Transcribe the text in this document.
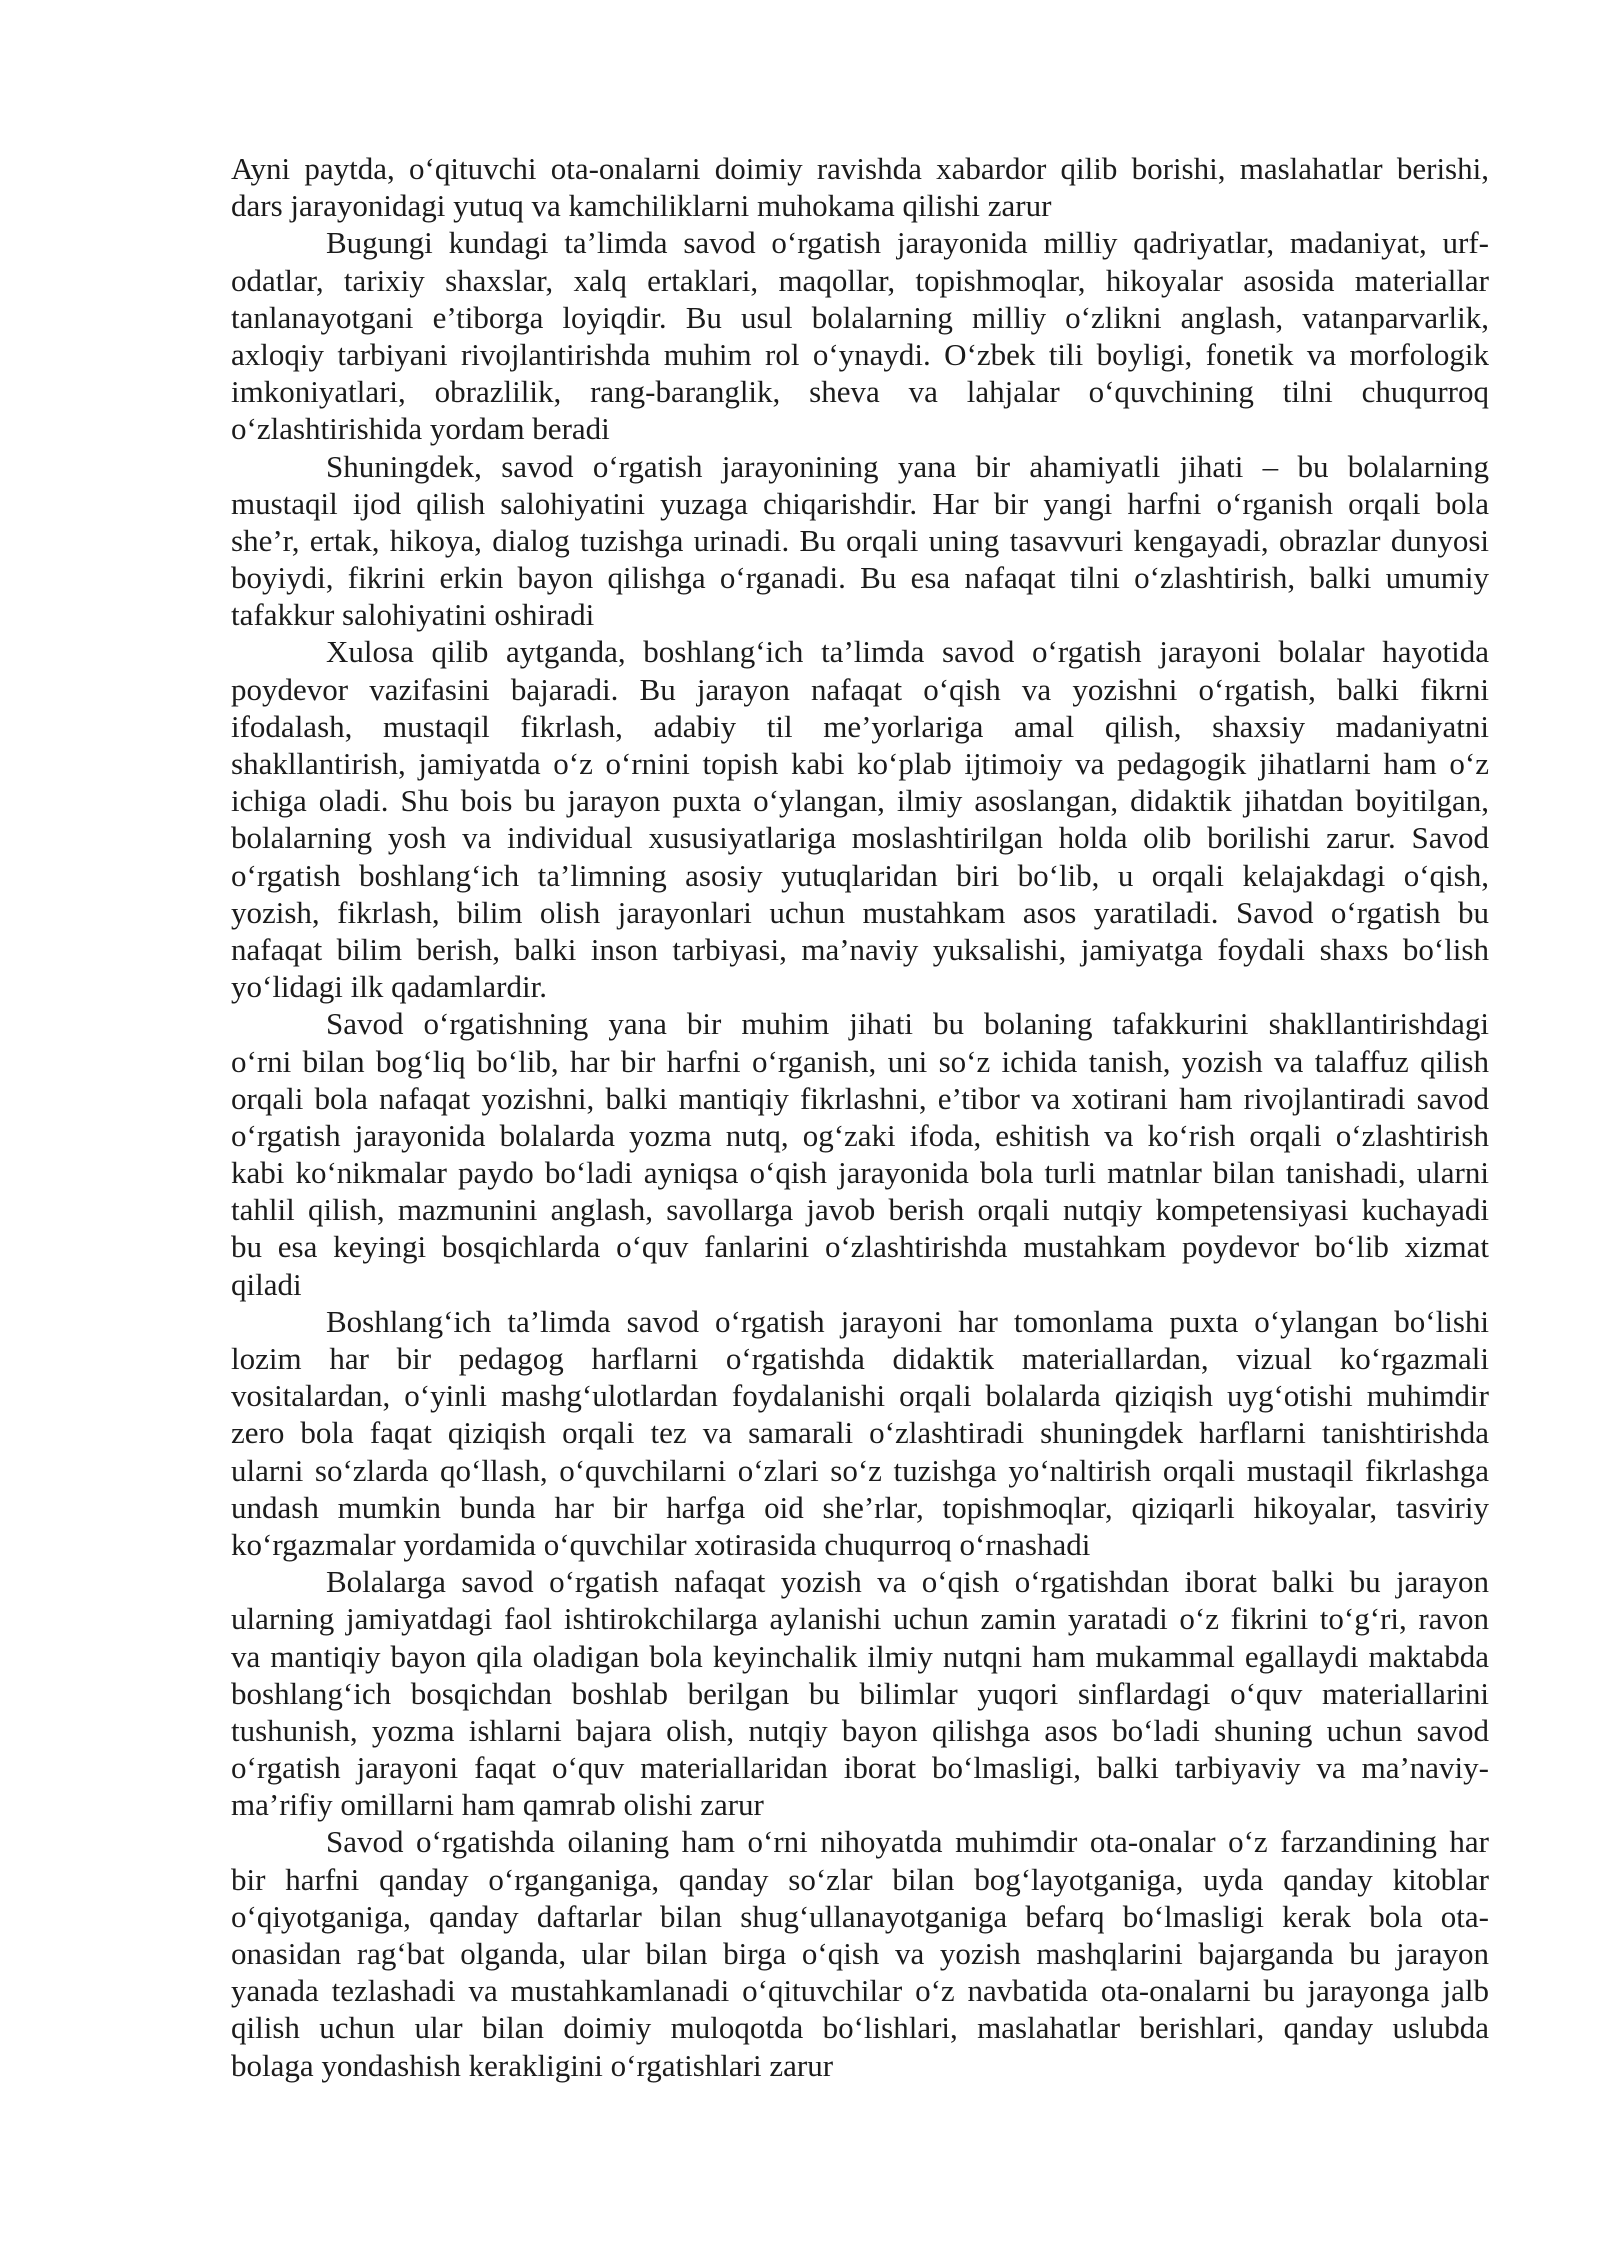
Ayni paytda, o‘qituvchi ota-onalarni doimiy ravishda xabardor qilib borishi, maslahatlar berishi,
dars jarayonidagi yutuq va kamchiliklarni muhokama qilishi zarur
Bugungi kundagi ta’limda savod o‘rgatish jarayonida milliy qadriyatlar, madaniyat, urf-
odatlar, tarixiy shaxslar, xalq ertaklari, maqollar, topishmoqlar, hikoyalar asosida materiallar
tanlanayotgani e’tiborga loyiqdir. Bu usul bolalarning milliy o‘zlikni anglash, vatanparvarlik,
axloqiy tarbiyani rivojlantirishda muhim rol o‘ynaydi. O‘zbek tili boyligi, fonetik va morfologik
imkoniyatlari, obrazlilik, rang-baranglik, sheva va lahjalar o‘quvchining tilni chuqurroq
o‘zlashtirishida yordam beradi
Shuningdek, savod o‘rgatish jarayonining yana bir ahamiyatli jihati – bu bolalarning
mustaqil ijod qilish salohiyatini yuzaga chiqarishdir. Har bir yangi harfni o‘rganish orqali bola
she’r, ertak, hikoya, dialog tuzishga urinadi. Bu orqali uning tasavvuri kengayadi, obrazlar dunyosi
boyiydi, fikrini erkin bayon qilishga o‘rganadi. Bu esa nafaqat tilni o‘zlashtirish, balki umumiy
tafakkur salohiyatini oshiradi
Xulosa qilib aytganda, boshlang‘ich ta’limda savod o‘rgatish jarayoni bolalar hayotida
poydevor vazifasini bajaradi. Bu jarayon nafaqat o‘qish va yozishni o‘rgatish, balki fikrni
ifodalash, mustaqil fikrlash, adabiy til me’yorlariga amal qilish, shaxsiy madaniyatni
shakllantirish, jamiyatda o‘z o‘rnini topish kabi ko‘plab ijtimoiy va pedagogik jihatlarni ham o‘z
ichiga oladi. Shu bois bu jarayon puxta o‘ylangan, ilmiy asoslangan, didaktik jihatdan boyitilgan,
bolalarning yosh va individual xususiyatlariga moslashtirilgan holda olib borilishi zarur. Savod
o‘rgatish boshlang‘ich ta’limning asosiy yutuqlaridan biri bo‘lib, u orqali kelajakdagi o‘qish,
yozish, fikrlash, bilim olish jarayonlari uchun mustahkam asos yaratiladi. Savod o‘rgatish bu
nafaqat bilim berish, balki inson tarbiyasi, ma’naviy yuksalishi, jamiyatga foydali shaxs bo‘lish
yo‘lidagi ilk qadamlardir.
Savod o‘rgatishning yana bir muhim jihati bu bolaning tafakkurini shakllantirishdagi
o‘rni bilan bog‘liq bo‘lib, har bir harfni o‘rganish, uni so‘z ichida tanish, yozish va talaffuz qilish
orqali bola nafaqat yozishni, balki mantiqiy fikrlashni, e’tibor va xotirani ham rivojlantiradi savod
o‘rgatish jarayonida bolalarda yozma nutq, og‘zaki ifoda, eshitish va ko‘rish orqali o‘zlashtirish
kabi ko‘nikmalar paydo bo‘ladi ayniqsa o‘qish jarayonida bola turli matnlar bilan tanishadi, ularni
tahlil qilish, mazmunini anglash, savollarga javob berish orqali nutqiy kompetensiyasi kuchayadi
bu esa keyingi bosqichlarda o‘quv fanlarini o‘zlashtirishda mustahkam poydevor bo‘lib xizmat
qiladi
Boshlang‘ich ta’limda savod o‘rgatish jarayoni har tomonlama puxta o‘ylangan bo‘lishi
lozim har bir pedagog harflarni o‘rgatishda didaktik materiallardan, vizual ko‘rgazmali
vositalardan, o‘yinli mashg‘ulotlardan foydalanishi orqali bolalarda qiziqish uyg‘otishi muhimdir
zero bola faqat qiziqish orqali tez va samarali o‘zlashtiradi shuningdek harflarni tanishtirishda
ularni so‘zlarda qo‘llash, o‘quvchilarni o‘zlari so‘z tuzishga yo‘naltirish orqali mustaqil fikrlashga
undash mumkin bunda har bir harfga oid she’rlar, topishmoqlar, qiziqarli hikoyalar, tasviriy
ko‘rgazmalar yordamida o‘quvchilar xotirasida chuqurroq o‘rnashadi
Bolalarga savod o‘rgatish nafaqat yozish va o‘qish o‘rgatishdan iborat balki bu jarayon
ularning jamiyatdagi faol ishtirokchilarga aylanishi uchun zamin yaratadi o‘z fikrini to‘g‘ri, ravon
va mantiqiy bayon qila oladigan bola keyinchalik ilmiy nutqni ham mukammal egallaydi maktabda
boshlang‘ich bosqichdan boshlab berilgan bu bilimlar yuqori sinflardagi o‘quv materiallarini
tushunish, yozma ishlarni bajara olish, nutqiy bayon qilishga asos bo‘ladi shuning uchun savod
o‘rgatish jarayoni faqat o‘quv materiallaridan iborat bo‘lmasligi, balki tarbiyaviy va ma’naviy-
ma’rifiy omillarni ham qamrab olishi zarur
Savod o‘rgatishda oilaning ham o‘rni nihoyatda muhimdir ota-onalar o‘z farzandining har
bir harfni qanday o‘rganganiga, qanday so‘zlar bilan bog‘layotganiga, uyda qanday kitoblar
o‘qiyotganiga, qanday daftarlar bilan shug‘ullanayotganiga befarq bo‘lmasligi kerak bola ota-
onasidan rag‘bat olganda, ular bilan birga o‘qish va yozish mashqlarini bajarganda bu jarayon
yanada tezlashadi va mustahkamlanadi o‘qituvchilar o‘z navbatida ota-onalarni bu jarayonga jalb
qilish uchun ular bilan doimiy muloqotda bo‘lishlari, maslahatlar berishlari, qanday uslubda
bolaga yondashish kerakligini o‘rgatishlari zarur
